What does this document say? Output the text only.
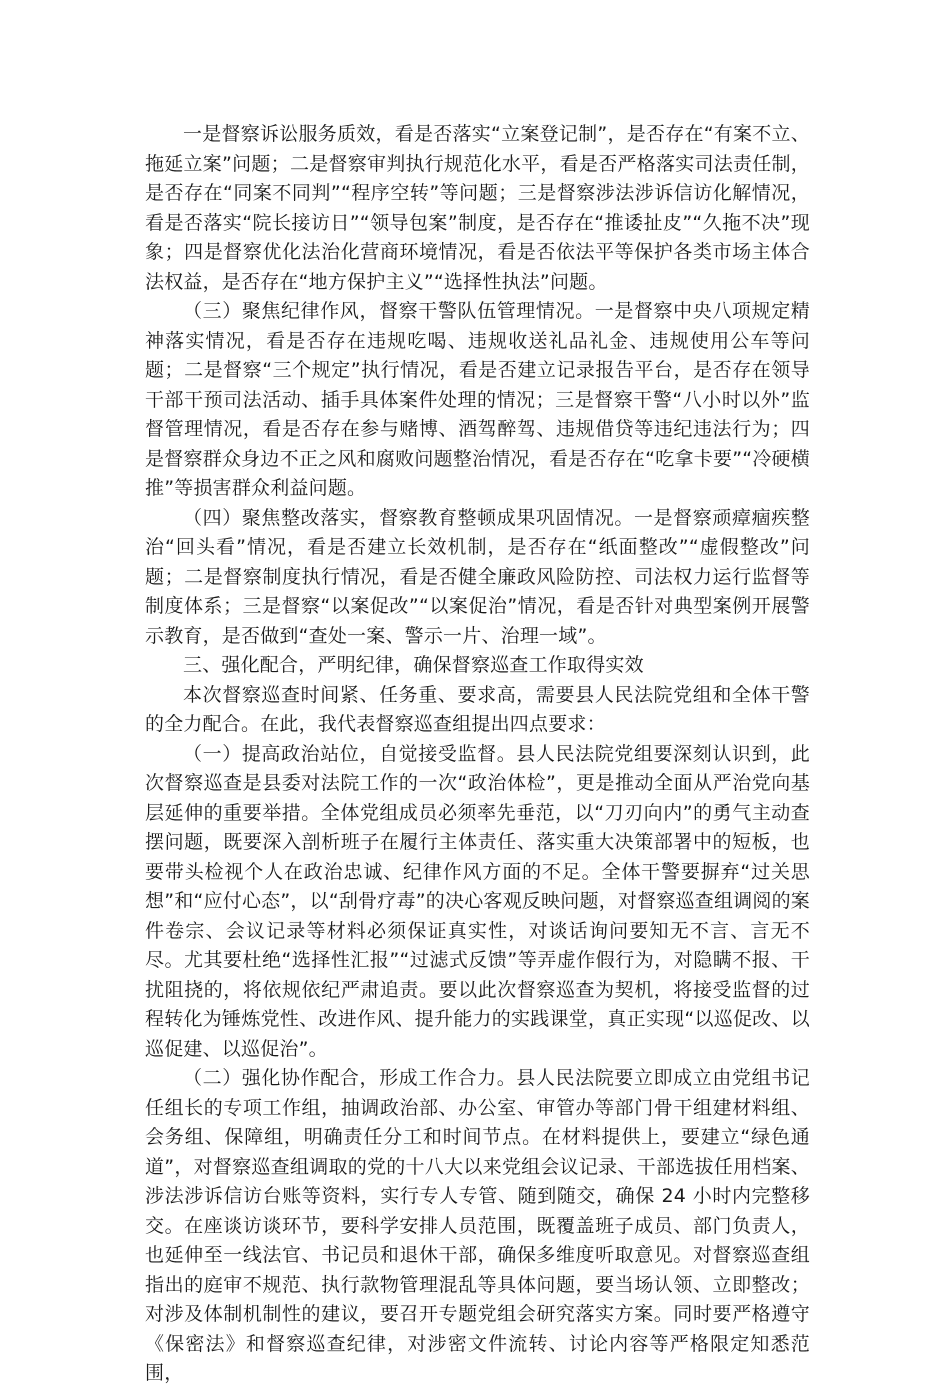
一是督察诉讼服务质效，看是否落实“立案登记制”，是否存在“有案不立、拖延立案”问题；二是督察审判执行规范化水平，看是否严格落实司法责任制，是否存在“同案不同判”“程序空转”等问题；三是督察涉法涉诉信访化解情况，看是否落实“院长接访日”“领导包案”制度，是否存在“推诿扯皮”“久拖不决”现象；四是督察优化法治化营商环境情况，看是否依法平等保护各类市场主体合法权益，是否存在“地方保护主义”“选择性执法”问题。

（三）聚焦纪律作风，督察干警队伍管理情况。一是督察中央八项规定精神落实情况，看是否存在违规吃喝、违规收送礼品礼金、违规使用公车等问题；二是督察“三个规定”执行情况，看是否建立记录报告平台，是否存在领导干部干预司法活动、插手具体案件处理的情况；三是督察干警“八小时以外”监督管理情况，看是否存在参与赌博、酒驾醉驾、违规借贷等违纪违法行为；四是督察群众身边不正之风和腐败问题整治情况，看是否存在“吃拿卡要”“冷硬横推”等损害群众利益问题。

（四）聚焦整改落实，督察教育整顿成果巩固情况。一是督察顽瘴痼疾整治“回头看”情况，看是否建立长效机制，是否存在“纸面整改”“虚假整改”问题；二是督察制度执行情况，看是否健全廉政风险防控、司法权力运行监督等制度体系；三是督察“以案促改”“以案促治”情况，看是否针对典型案例开展警示教育，是否做到“查处一案、警示一片、治理一域”。

三、强化配合，严明纪律，确保督察巡查工作取得实效

本次督察巡查时间紧、任务重、要求高，需要县人民法院党组和全体干警的全力配合。在此，我代表督察巡查组提出四点要求：

（一）提高政治站位，自觉接受监督。县人民法院党组要深刻认识到，此次督察巡查是县委对法院工作的一次“政治体检”，更是推动全面从严治党向基层延伸的重要举措。全体党组成员必须率先垂范，以“刀刃向内”的勇气主动查摆问题，既要深入剖析班子在履行主体责任、落实重大决策部署中的短板，也要带头检视个人在政治忠诚、纪律作风方面的不足。全体干警要摒弃“过关思想”和“应付心态”，以“刮骨疗毒”的决心客观反映问题，对督察巡查组调阅的案件卷宗、会议记录等材料必须保证真实性，对谈话询问要知无不言、言无不尽。尤其要杜绝“选择性汇报”“过滤式反馈”等弄虚作假行为，对隐瞒不报、干扰阻挠的，将依规依纪严肃追责。要以此次督察巡查为契机，将接受监督的过程转化为锤炼党性、改进作风、提升能力的实践课堂，真正实现“以巡促改、以巡促建、以巡促治”。

（二）强化协作配合，形成工作合力。县人民法院要立即成立由党组书记任组长的专项工作组，抽调政治部、办公室、审管办等部门骨干组建材料组、会务组、保障组，明确责任分工和时间节点。在材料提供上，要建立“绿色通道”，对督察巡查组调取的党的十八大以来党组会议记录、干部选拔任用档案、涉法涉诉信访台账等资料，实行专人专管、随到随交，确保 24 小时内完整移交。在座谈访谈环节，要科学安排人员范围，既覆盖班子成员、部门负责人，也延伸至一线法官、书记员和退休干部，确保多维度听取意见。对督察巡查组指出的庭审不规范、执行款物管理混乱等具体问题，要当场认领、立即整改；对涉及体制机制性的建议，要召开专题党组会研究落实方案。同时要严格遵守《保密法》和督察巡查纪律，对涉密文件流转、讨论内容等严格限定知悉范围，
